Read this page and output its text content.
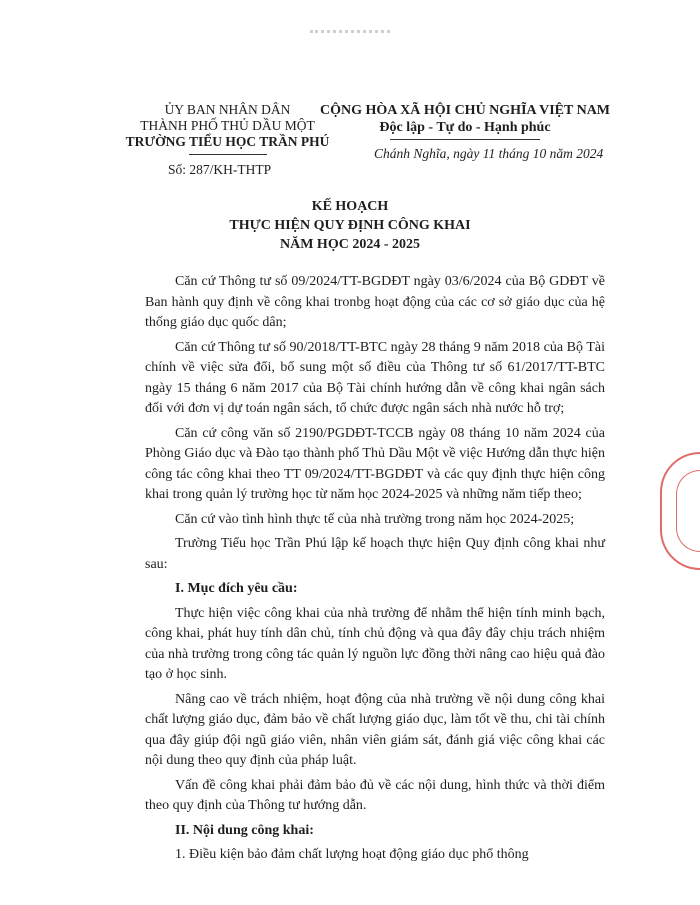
ỦY BAN NHÂN DÂN
THÀNH PHỐ THỦ DẦU MỘT
TRƯỜNG TIỂU HỌC TRẦN PHÚ
CỘNG HÒA XÃ HỘI CHỦ NGHĨA VIỆT NAM
Độc lập - Tự do - Hạnh phúc
Số: 287/KH-THTP
Chánh Nghĩa, ngày 11 tháng 10 năm 2024
KẾ HOẠCH
THỰC HIỆN QUY ĐỊNH CÔNG KHAI
NĂM HỌC 2024 - 2025

Căn cứ Thông tư số 09/2024/TT-BGDĐT ngày 03/6/2024 của Bộ GDĐT về Ban hành quy định về công khai tronbg hoạt động của các cơ sở giáo dục của hệ thống giáo dục quốc dân;

Căn cứ Thông tư số 90/2018/TT-BTC ngày 28 tháng 9 năm 2018 của Bộ Tài chính về việc sửa đổi, bổ sung một số điều của Thông tư số 61/2017/TT-BTC ngày 15 tháng 6 năm 2017 của Bộ Tài chính hướng dẫn về công khai ngân sách đối với đơn vị dự toán ngân sách, tổ chức được ngân sách nhà nước hỗ trợ;

Căn cứ công văn số 2190/PGDĐT-TCCB ngày 08 tháng 10 năm 2024 của Phòng Giáo dục và Đào tạo thành phố Thủ Dầu Một về việc Hướng dẫn thực hiện công tác công khai theo TT 09/2024/TT-BGDĐT và các quy định thực hiện công khai trong quản lý trường học từ năm học 2024-2025 và những năm tiếp theo;

Căn cứ vào tình hình thực tế của nhà trường trong năm học 2024-2025;

Trường Tiểu học Trần Phú lập kế hoạch thực hiện Quy định công khai như sau:

I. Mục đích yêu cầu:

Thực hiện việc công khai của nhà trường để nhằm thể hiện tính minh bạch, công khai, phát huy tính dân chủ, tính chủ động và qua đây đây chịu trách nhiệm của nhà trường trong công tác quản lý nguồn lực đồng thời nâng cao hiệu quả đào tạo ở học sinh.

Nâng cao về trách nhiệm, hoạt động của nhà trường về nội dung công khai chất lượng giáo dục, đảm bảo về chất lượng giáo dục, làm tốt về thu, chi tài chính qua đây giúp đội ngũ giáo viên, nhân viên giám sát, đánh giá việc công khai các nội dung theo quy định của pháp luật.

Vấn đề công khai phải đảm bảo đủ về các nội dung, hình thức và thời điểm theo quy định của Thông tư hướng dẫn.

II. Nội dung công khai:

1. Điều kiện bảo đảm chất lượng hoạt động giáo dục phổ thông
